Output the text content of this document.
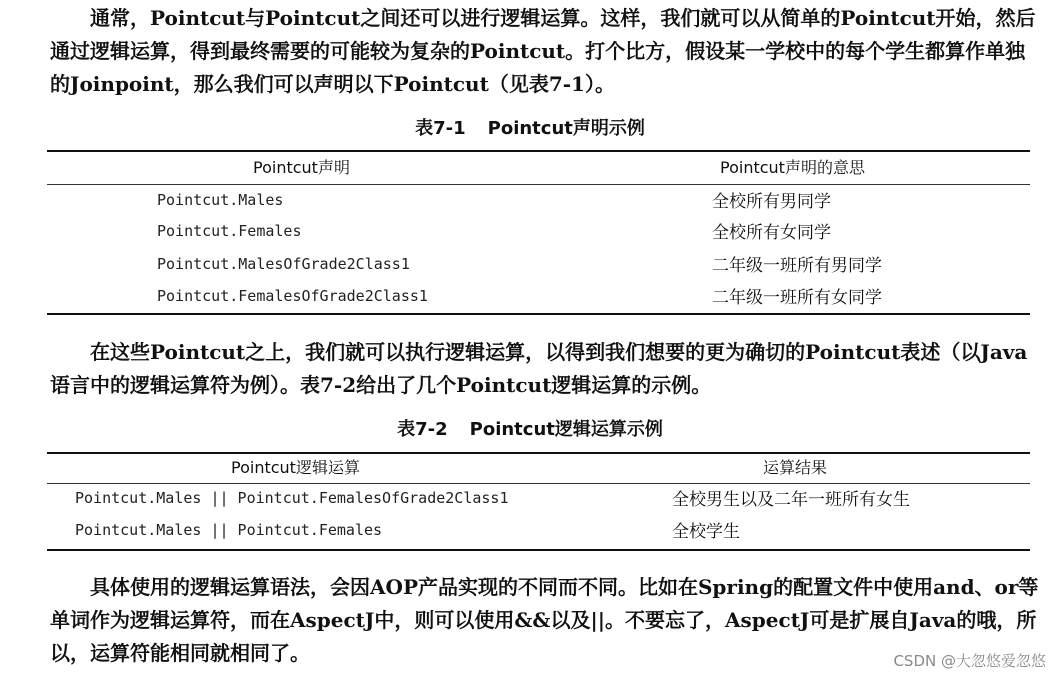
通常，Pointcut与Pointcut之间还可以进行逻辑运算。这样，我们就可以从简单的Pointcut开始，然后通过逻辑运算，得到最终需要的可能较为复杂的Pointcut。打个比方，假设某一学校中的每个学生都算作单独的Joinpoint，那么我们可以声明以下Pointcut（见表7-1）。

表7-1 Pointcut声明示例
Pointcut声明	Pointcut声明的意思
Pointcut.Males	全校所有男同学
Pointcut.Females	全校所有女同学
Pointcut.MalesOfGrade2Class1	二年级一班所有男同学
Pointcut.FemalesOfGrade2Class1	二年级一班所有女同学

在这些Pointcut之上，我们就可以执行逻辑运算，以得到我们想要的更为确切的Pointcut表述（以Java语言中的逻辑运算符为例）。表7-2给出了几个Pointcut逻辑运算的示例。

表7-2 Pointcut逻辑运算示例
Pointcut逻辑运算	运算结果
Pointcut.Males || Pointcut.FemalesOfGrade2Class1	全校男生以及二年一班所有女生
Pointcut.Males || Pointcut.Females	全校学生

具体使用的逻辑运算语法，会因AOP产品实现的不同而不同。比如在Spring的配置文件中使用and、or等单词作为逻辑运算符，而在AspectJ中，则可以使用&&以及||。不要忘了，AspectJ可是扩展自Java的哦，所以，运算符能相同就相同了。	CSDN @大忽悠爱忽悠
